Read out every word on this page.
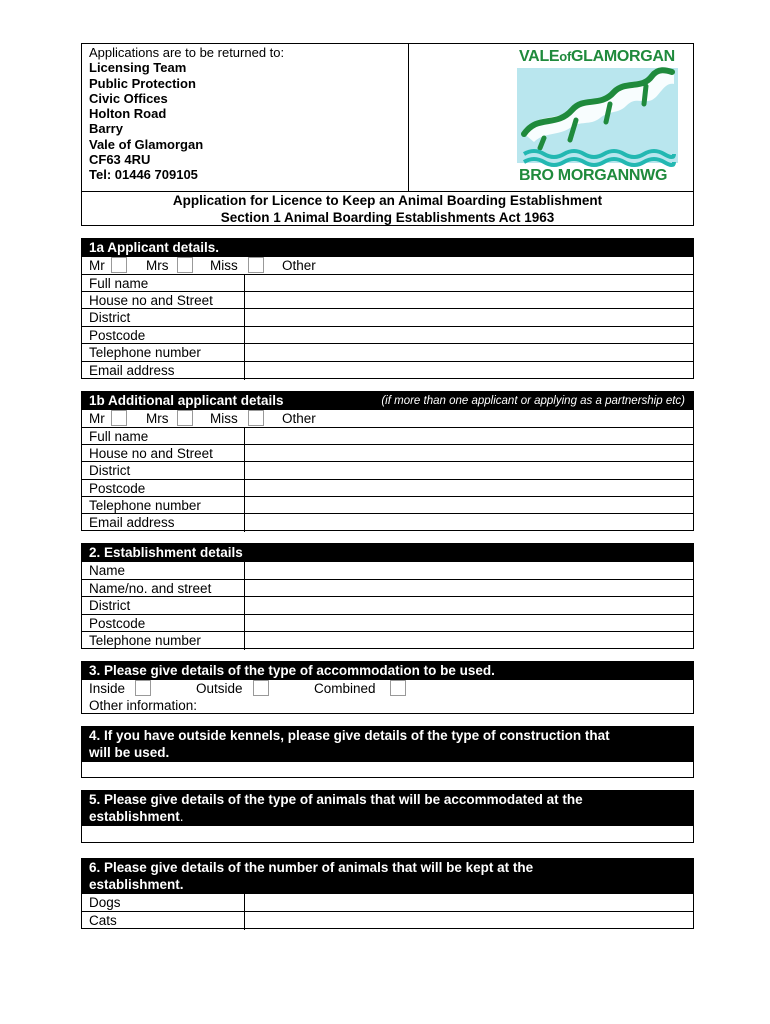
Applications are to be returned to:
Licensing Team
Public Protection
Civic Offices
Holton Road
Barry
Vale of Glamorgan
CF63 4RU
Tel: 01446 709105
VALEofGLAMORGAN
BRO MORGANNWG
Application for Licence to Keep an Animal Boarding Establishment
Section 1 Animal Boarding Establishments Act 1963
1a Applicant details.
Mr	Mrs	Miss	Other
Full name
House no and Street
District
Postcode
Telephone number
Email address
1b Additional applicant details	(if more than one applicant or applying as a partnership etc)
Mr	Mrs	Miss	Other
Full name
House no and Street
District
Postcode
Telephone number
Email address
2. Establishment details
Name
Name/no. and street
District
Postcode
Telephone number
3. Please give details of the type of accommodation to be used.
Inside	Outside	Combined
Other information:
4. If you have outside kennels, please give details of the type of construction that
will be used.
5. Please give details of the type of animals that will be accommodated at the
establishment.
6. Please give details of the number of animals that will be kept at the
establishment.
Dogs
Cats
